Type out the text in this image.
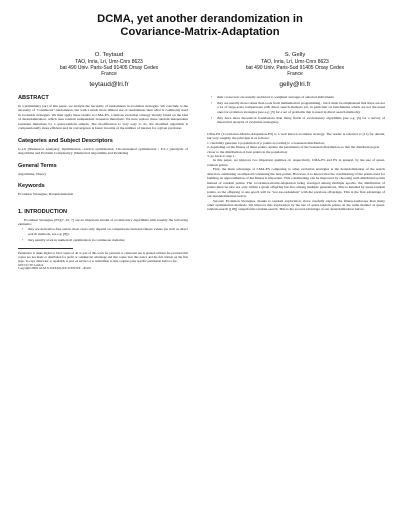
DCMA, yet another derandomization in
Covariance-Matrix-Adaptation
O. Teytaud
TAO, Inria, Lri, Umr-Cnrs 8623
bat 490 Univ. Paris-Sud 91405 Orsay Cedex
France
teytaud@lri.fr
S. Gelly
TAO, Inria, Lri, Umr-Cnrs 8623
bat 490 Univ. Paris-Sud 91405 Orsay Cedex
France
gelly@lri.fr
ABSTRACT

In a preliminary part of this paper, we analyze the necessity of randomness in evolution strategies. We conclude to the necessity of "continuous"-randomness, but with a much more limited use of randomness than what is commonly used in evolution strategies. We then apply these results to CMA-ES, a famous evolution strategy already based on the idea of derandomization, which uses random independent Gaussian mutations. We here replace these random independent Gaussian mutations by a quasi-random sample. The modification is very easy to do, the modified algorithm is computationally more efficient and its convergence is faster in terms of the number of iterates for a given precision.

Categories and Subject Descriptors

G.1.6 [Numerical Analysis]: Optimization—Global optimization, Unconstrained optimization ; F.2.1 [Analysis of Algorithms and Problem Complexity]: [Numerical Algorithms and Problems]

General Terms

Algorithms, Theory

Keywords

Evolution Strategies, Derandomization

1. INTRODUCTION

Evolution Strategies (ES)[7, 22, 7] are an important stream of evolutionary algorithms with notably the following elements:

• they are derivative-free and in most cases only depend on comparisons between fitness values (as well as direct search methods, see e.g. [8]);
• they usually work in numerical optimization in continuous domains;

Permission to make digital or hard copies of all or part of this work for personal or classroom use is granted without fee provided that copies are not made or distributed for profit or commercial advantage and that copies bear this notice and the full citation on the first page. To copy otherwise, to republish, to post on servers or to redistribute to lists, requires prior specific permission and/or a fee.

GECCO '07 London

Copyright 200X ACM X-XXXXX-XX-X/XX/XX ...$5.00.

• their crossovers are usually restricted to weighted averages of selected individuals;
• they are usually more robust than tools from mathematical programming - but it must be emphasized that there are not a lot of large-scale comparisons with direct search methods yet, in particular on benchmarks which are not the usual ones for evolution strategies (see e.g. [3] for a set of problems that is usual in direct search methods);
• they have more theoretical foundations than many fields of evolutionary algorithms (see e.g. [5] for a survey of theoretical analysis of evolution strategies).

CMA-ES (Covariance-Matrix-Adaptation-ES) is a well known evolution strategy. The reader is referred to [11] for details, but very roughly, the principle is as follows:

1. randomly generate a population of p points according to a Gaussian distribution;

2. depending on the fitness of these points, update the parameters of the Gaussian distribution so that the distribution gets closer to the distribution of best points in the population;

3. go back to step 1.

In this paper, we improve two important qualities of, respectively, CMA-ES and ES in general, by the use of quasi-random points.

First, the main advantage of CMA-ES comparing to other evolution strategies is the derandomization of the search direction, estimating an ellipsoid containing the best points. However, it is known that the conditioning of the points used for building an approximation of the fitness is important. This conditioning can be improved by choosing well-distributed points instead of random points. The covariance-matrix-adaptation being averaged among multiple epochs, the distribution of points must be nice not only within a given offspring but also among multiple generations. This is handled by quasi-random points, as the offspring at one epoch will be "not-too-redundant" with the previous offsprings. This is the first advantage of our derandomization below.

Second, Evolution Strategies, thanks to random exploration, more carefully explore the fitness-landscape than many other optimization methods. We improve this exploration by the use of quasi-random points, in the same manner as quasi-random-search ([18]) outperforms random-search. This is the second advantage of our derandomization below.
